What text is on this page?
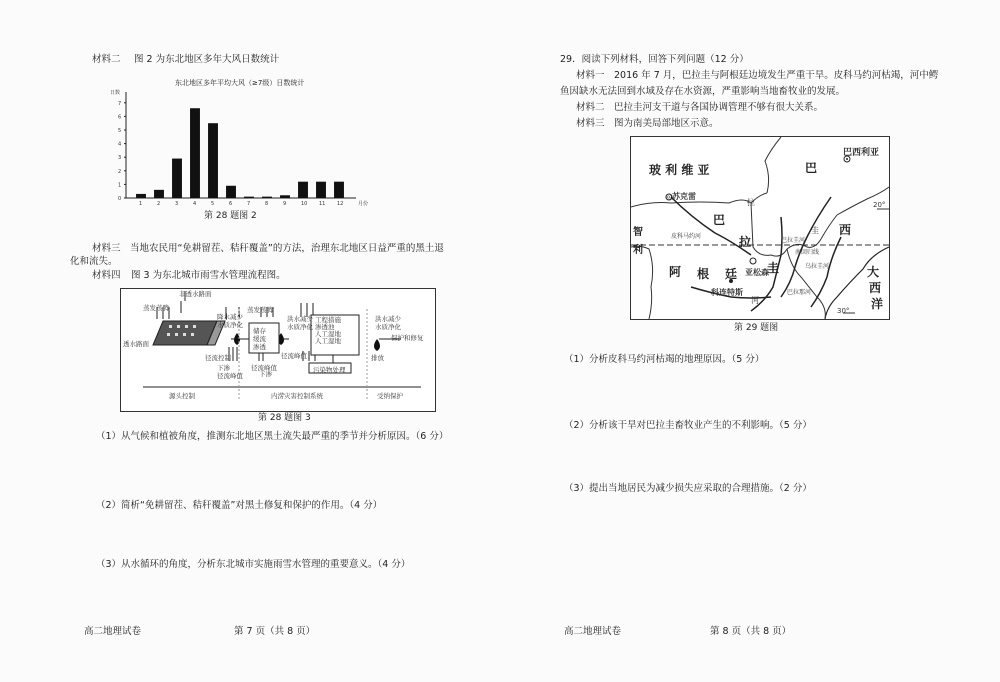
材料二 图 2 为东北地区多年大风日数统计
东北地区多年平均大风（≥7级）日数统计
日数
0
1
2
3
4
5
6
7
1	2	3	4	5	6	7	8	9	10 11 12	月份
第 28 题图 2
材料三　当地农民用“免耕留茬、秸秆覆盖”的方法，治理东北地区日益严重的黑土退
化和流失。
材料四 图 3 为东北城市雨雪水管理流程图。
非透水路面
蒸发蒸腾	蒸发蒸腾
工程措施
渗透池
人工湿地
人工湿地
洪水减少
水质净化
透水路面
降水减少
水质净化
储存
缓流
渗透
洪水减少
水质净化
径流控制
下渗	径流峰值
径流峰值
下渗
径流峰值
污染物处理
排放
保护和修复
源头控制	内涝灾害控制系统	受纳保护
第 28 题图 3
（1）从气候和植被角度，推测东北地区黑土流失最严重的季节并分析原因。（6 分）
（2）简析“免耕留茬、秸秆覆盖”对黑土修复和保护的作用。（4 分）
（3）从水循环的角度，分析东北城市实施雨雪水管理的重要意义。（4 分）
高二地理试卷	第 7 页（共 8 页）
29．阅读下列材料，回答下列问题（12 分）
材料一　2016 年 7 月，巴拉圭与阿根廷边境发生严重干旱。皮科马约河枯竭，河中鳄
鱼因缺水无法回到水域及存在水资源，严重影响当地畜牧业的发展。
材料二　巴拉圭河支干道与各国协调管理不够有很大关系。
材料三　图为南美局部地区示意。
玻 利 维 亚	巴
巴西利亚
西
◎苏克雷
巴
拉
圭
亚松森
智
利
阿 根 廷
科连特斯
大
西
洋
20°
30°
皮科马约河
巴拉圭河
巴拉那河
乌拉圭河
河
拉
圭
南回归线
第 29 题图
（1）分析皮科马约河枯竭的地理原因。（5 分）
（2）分析该干旱对巴拉圭畜牧业产生的不利影响。（5 分）
（3）提出当地居民为减少损失应采取的合理措施。（2 分）
高二地理试卷	第 8 页（共 8 页）
